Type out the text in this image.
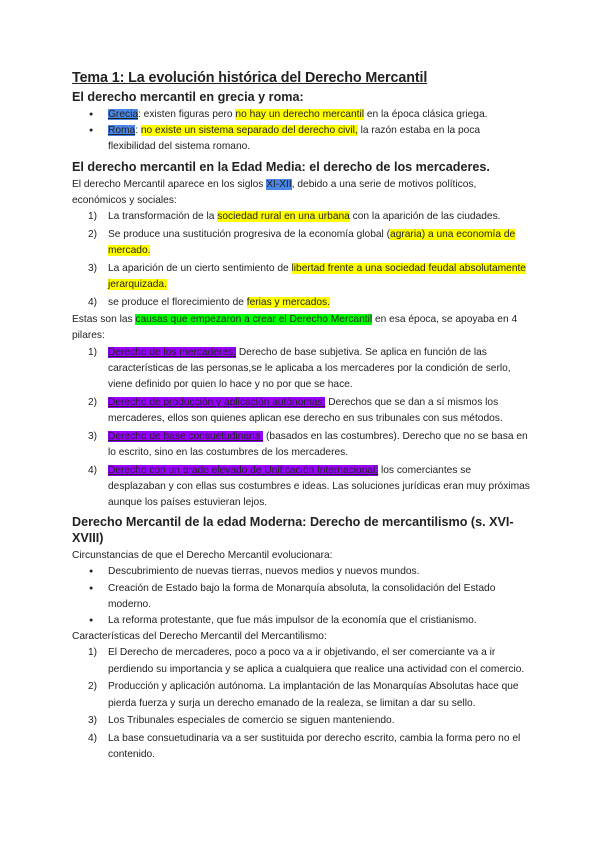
Tema 1: La evolución histórica del Derecho Mercantil
El derecho mercantil en grecia y roma:
● Grecia: existen figuras pero no hay un derecho mercantil en la época clásica griega.
● Roma: no existe un sistema separado del derecho civil, la razón estaba en la poca flexibilidad del sistema romano.
El derecho mercantil en la Edad Media: el derecho de los mercaderes.

El derecho Mercantil aparece en los siglos XI-XII, debido a una serie de motivos políticos, económicos y sociales:

1) La transformación de la sociedad rural en una urbana con la aparición de las ciudades.
2) Se produce una sustitución progresiva de la economía global (agraria) a una economía de mercado.
3) La aparición de un cierto sentimiento de libertad frente a una sociedad feudal absolutamente jerarquizada.
4) se produce el florecimiento de ferias y mercados.

Estas son las causas que empezaron a crear el Derecho Mercantil en esa época, se apoyaba en 4 pilares:

1) Derecho de los mercaderes: Derecho de base subjetiva. Se aplica en función de las características de las personas,se le aplicaba a los mercaderes por la condición de serlo, viene definido por quien lo hace y no por que se hace.
2) Derecho de producción y aplicación autónomas: Derechos que se dan a sí mismos los mercaderes, ellos son quienes aplican ese derecho en sus tribunales con sus métodos.
3) Derecho de base consuetudinaria: (basados en las costumbres). Derecho que no se basa en lo escrito, sino en las costumbres de los mercaderes.
4) Derecho con un grado elevado de Unificación Internacional: los comerciantes se desplazaban y con ellas sus costumbres e ideas. Las soluciones jurídicas eran muy próximas aunque los países estuvieran lejos.
Derecho Mercantil de la edad Moderna: Derecho de mercantilismo (s. XVI-XVIII)

Circunstancias de que el Derecho Mercantil evolucionara:

● Descubrimiento de nuevas tierras, nuevos medios y nuevos mundos.
● Creación de Estado bajo la forma de Monarquía absoluta, la consolidación del Estado moderno.
● La reforma protestante, que fue más impulsor de la economía que el cristianismo.

Características del Derecho Mercantil del Mercantilismo:

1) El Derecho de mercaderes, poco a poco va a ir objetivando, el ser comerciante va a ir perdiendo su importancia y se aplica a cualquiera que realice una actividad con el comercio.
2) Producción y aplicación autónoma. La implantación de las Monarquías Absolutas hace que pierda fuerza y surja un derecho emanado de la realeza, se limitan a dar su sello.
3) Los Tribunales especiales de comercio se siguen manteniendo.
4) La base consuetudinaria va a ser sustituida por derecho escrito, cambia la forma pero no el contenido.
